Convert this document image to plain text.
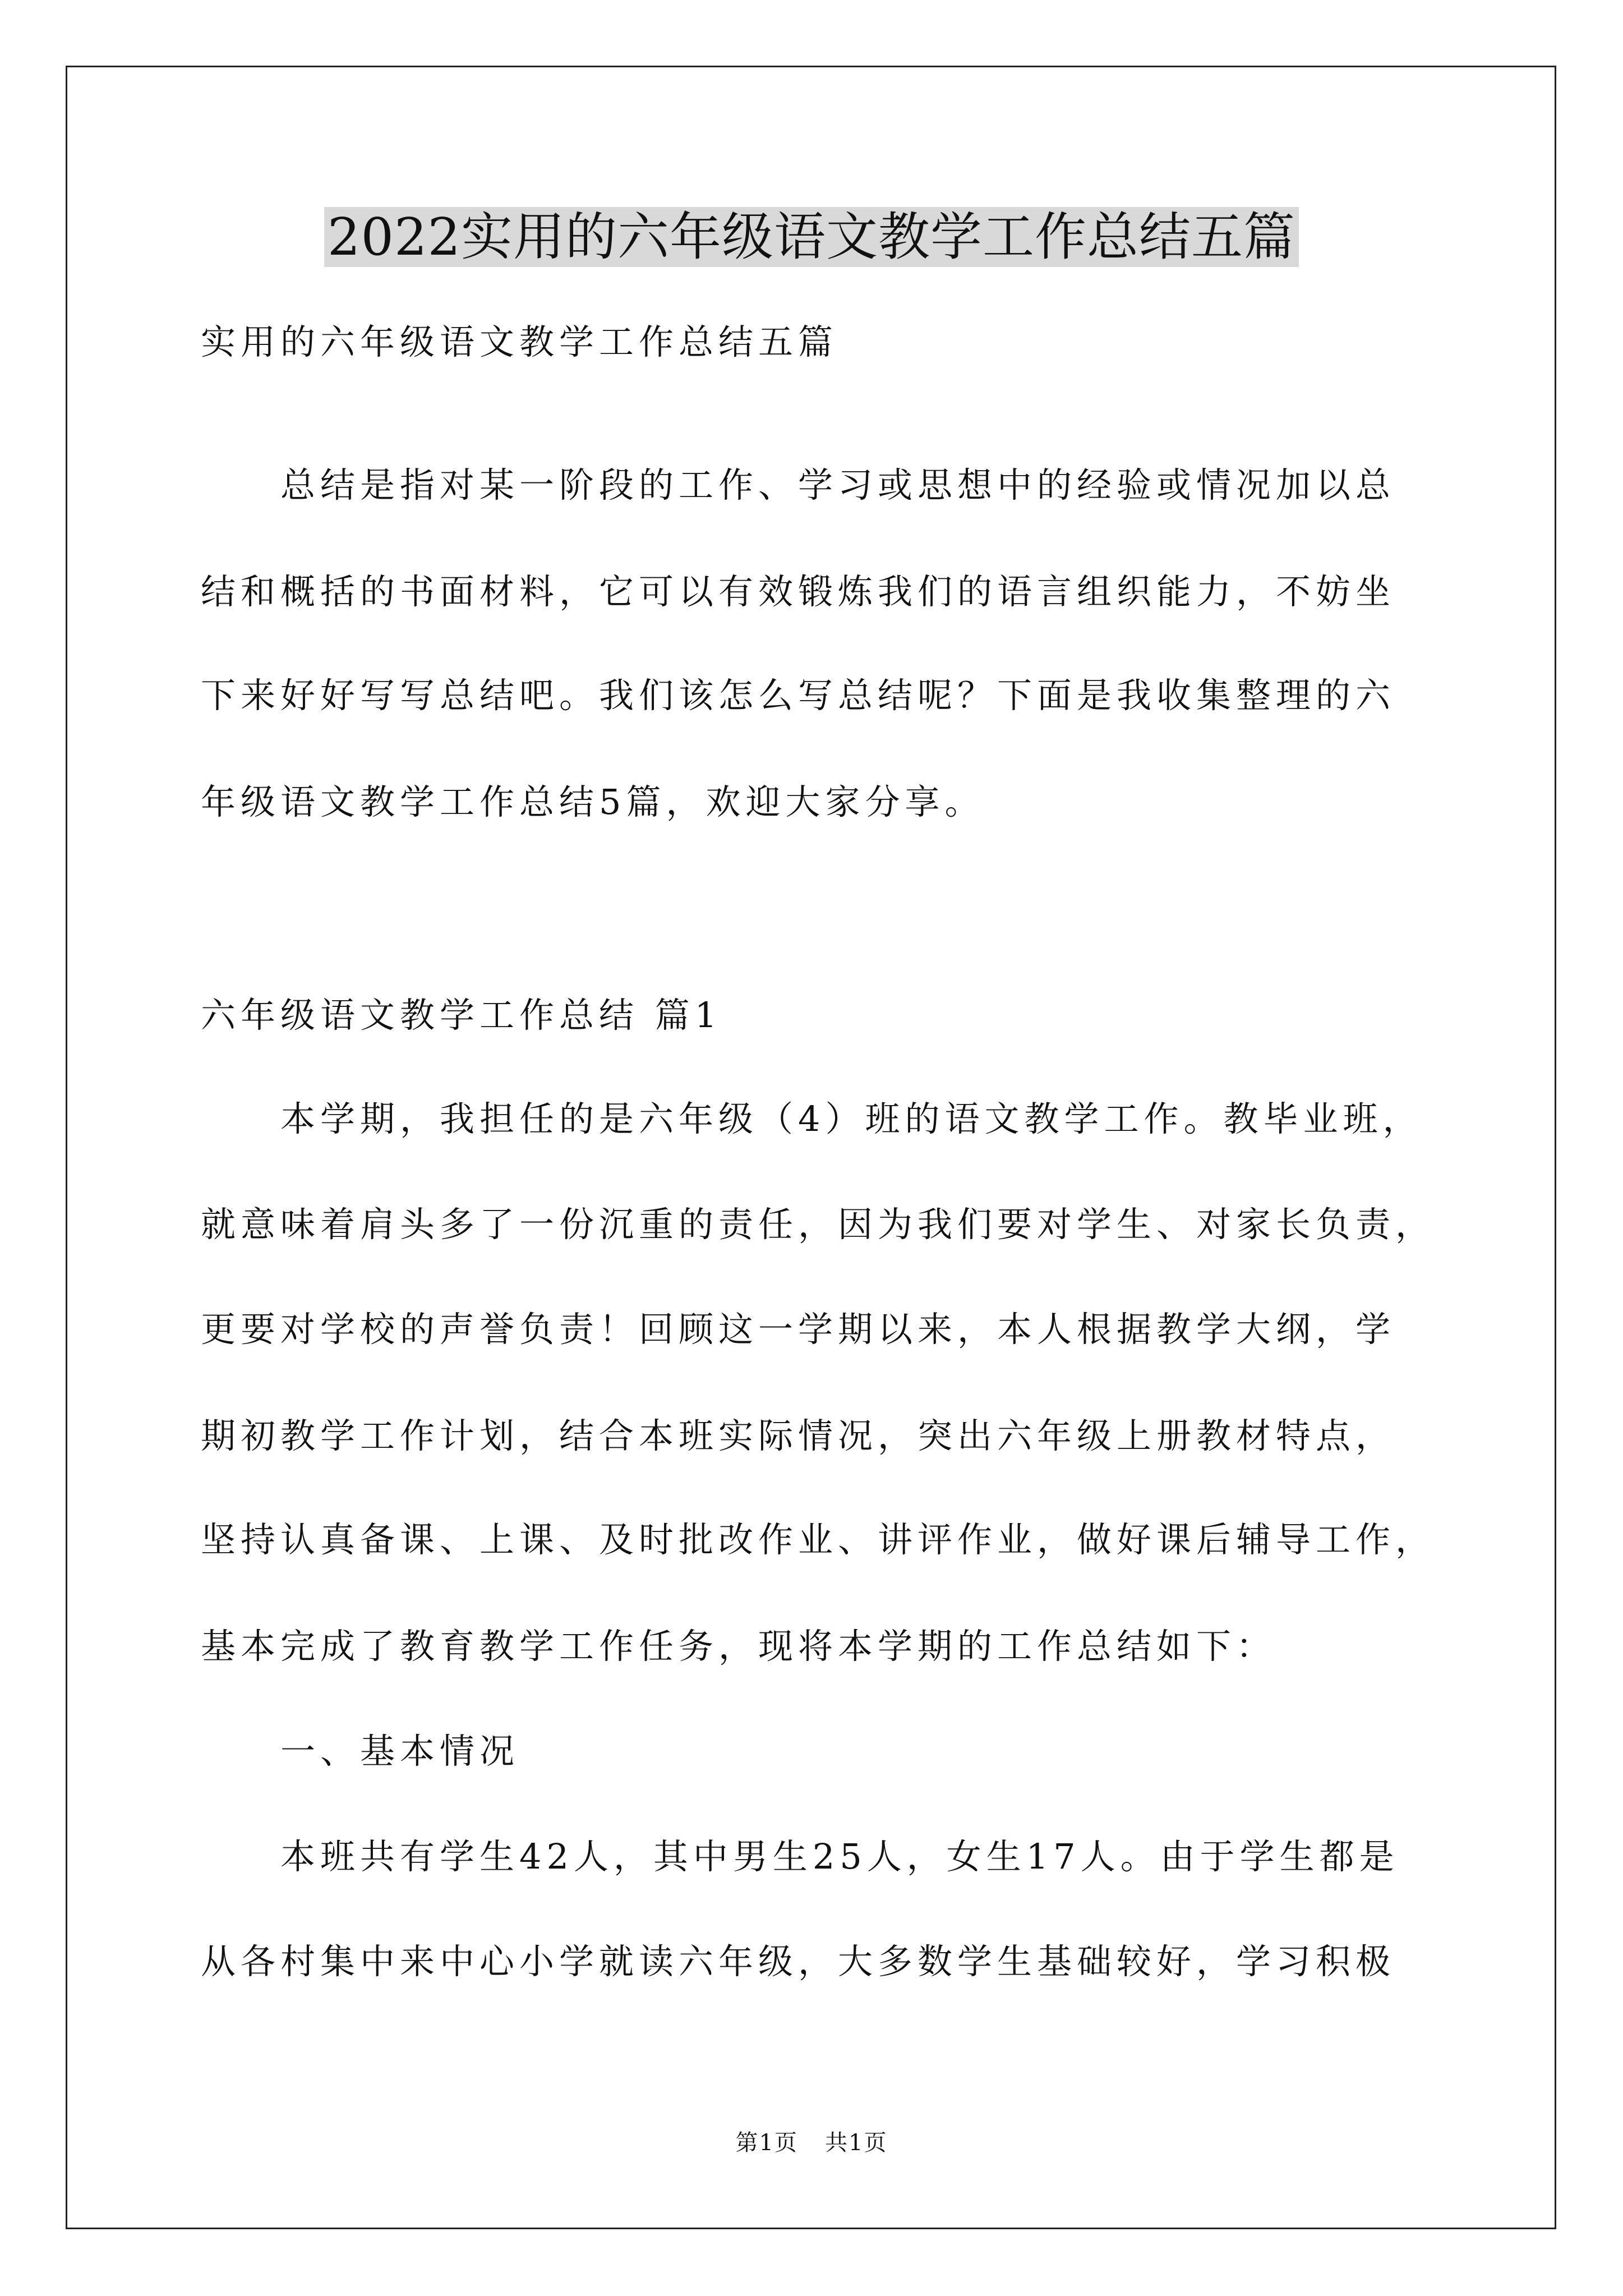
2022实用的六年级语文教学工作总结五篇
实用的六年级语文教学工作总结五篇
　　总结是指对某一阶段的工作、学习或思想中的经验或情况加以总
结和概括的书面材料，它可以有效锻炼我们的语言组织能力，不妨坐
下来好好写写总结吧。我们该怎么写总结呢？下面是我收集整理的六
年级语文教学工作总结5篇，欢迎大家分享。
六年级语文教学工作总结 篇1
　　本学期，我担任的是六年级（4）班的语文教学工作。教毕业班，
就意味着肩头多了一份沉重的责任，因为我们要对学生、对家长负责，
更要对学校的声誉负责！回顾这一学期以来，本人根据教学大纲，学
期初教学工作计划，结合本班实际情况，突出六年级上册教材特点，
坚持认真备课、上课、及时批改作业、讲评作业，做好课后辅导工作，
基本完成了教育教学工作任务，现将本学期的工作总结如下：
　　一、基本情况
　　本班共有学生42人，其中男生25人，女生17人。由于学生都是
从各村集中来中心小学就读六年级，大多数学生基础较好，学习积极
第1页 共1页
